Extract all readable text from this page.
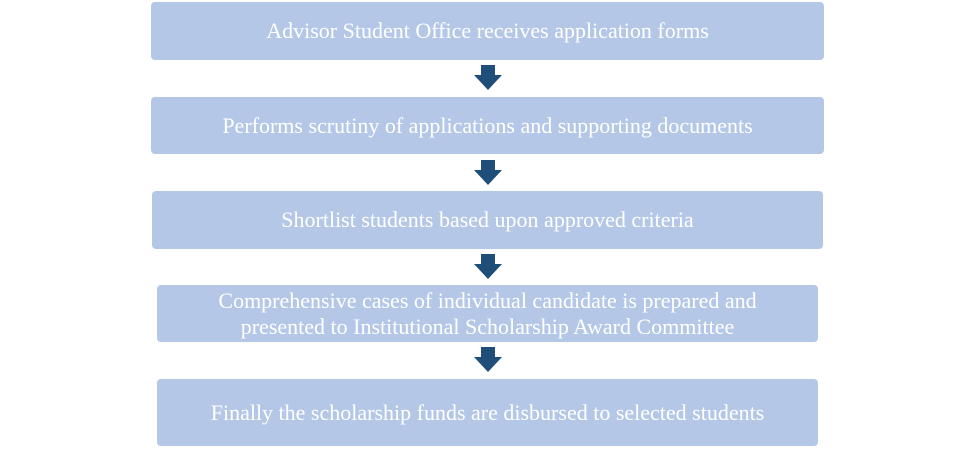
Advisor Student Office receives application forms
Performs scrutiny of applications and supporting documents
Shortlist students based upon approved criteria
Comprehensive cases of individual candidate is prepared and
presented to Institutional Scholarship Award Committee
Finally the scholarship funds are disbursed to selected students
